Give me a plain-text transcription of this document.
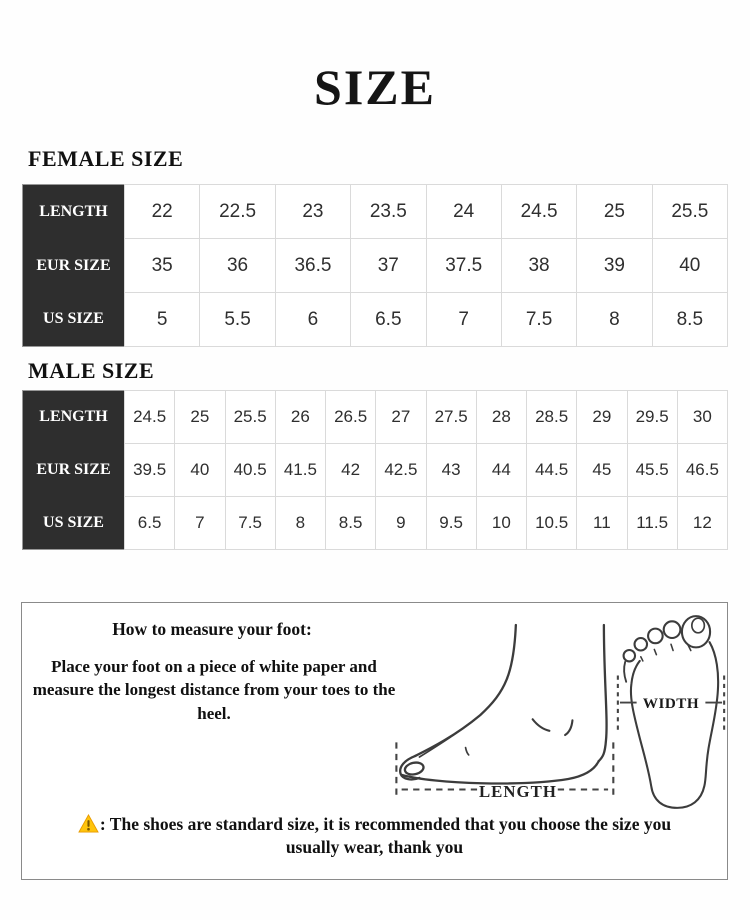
SIZE
FEMALE SIZE
LENGTH	22	22.5	23	23.5	24	24.5	25	25.5
EUR SIZE	35	36	36.5	37	37.5	38	39	40
US SIZE	5	5.5	6	6.5	7	7.5	8	8.5
MALE SIZE
LENGTH	24.5	25	25.5	26	26.5	27	27.5	28	28.5	29	29.5	30
EUR SIZE	39.5	40	40.5	41.5	42	42.5	43	44	44.5	45	45.5	46.5
US SIZE	6.5	7	7.5	8	8.5	9	9.5	10	10.5	11	11.5	12
How to measure your foot:
Place your foot on a piece of white paper and measure the longest distance from your toes to the heel.
LENGTH
WIDTH
: The shoes are standard size, it is recommended that you choose the size you usually wear, thank you
